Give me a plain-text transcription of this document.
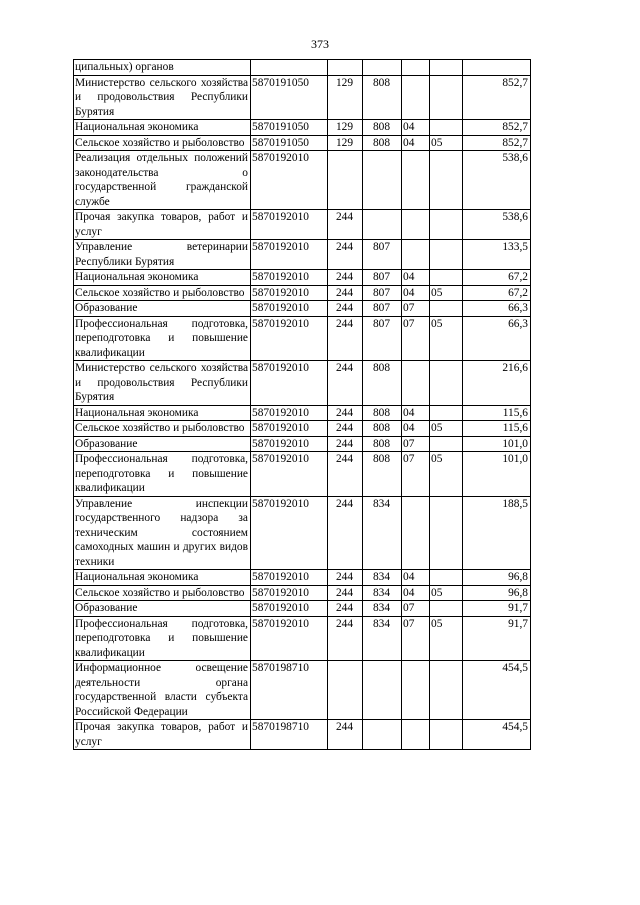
373
ципальных) органов						
Министерство сельского хозяйства и продовольствия Республики Бурятия	5870191050	129	808			852,7
Национальная экономика	5870191050	129	808	04		852,7
Сельское хозяйство и рыболовство	5870191050	129	808	04	05	852,7
Реализация отдельных положений законодательства о государственной гражданской службе	5870192010					538,6
Прочая закупка товаров, работ и услуг	5870192010	244				538,6
Управление ветеринарии Республики Бурятия	5870192010	244	807			133,5
Национальная экономика	5870192010	244	807	04		67,2
Сельское хозяйство и рыболовство	5870192010	244	807	04	05	67,2
Образование	5870192010	244	807	07		66,3
Профессиональная подготовка, переподготовка и повышение квалификации	5870192010	244	807	07	05	66,3
Министерство сельского хозяйства и продовольствия Республики Бурятия	5870192010	244	808			216,6
Национальная экономика	5870192010	244	808	04		115,6
Сельское хозяйство и рыболовство	5870192010	244	808	04	05	115,6
Образование	5870192010	244	808	07		101,0
Профессиональная подготовка, переподготовка и повышение квалификации	5870192010	244	808	07	05	101,0
Управление инспекции государственного надзора за техническим состоянием самоходных машин и других видов техники	5870192010	244	834			188,5
Национальная экономика	5870192010	244	834	04		96,8
Сельское хозяйство и рыболовство	5870192010	244	834	04	05	96,8
Образование	5870192010	244	834	07		91,7
Профессиональная подготовка, переподготовка и повышение квалификации	5870192010	244	834	07	05	91,7
Информационное освещение деятельности органа государственной власти субъекта Российской Федерации	5870198710					454,5
Прочая закупка товаров, работ и услуг	5870198710	244				454,5
